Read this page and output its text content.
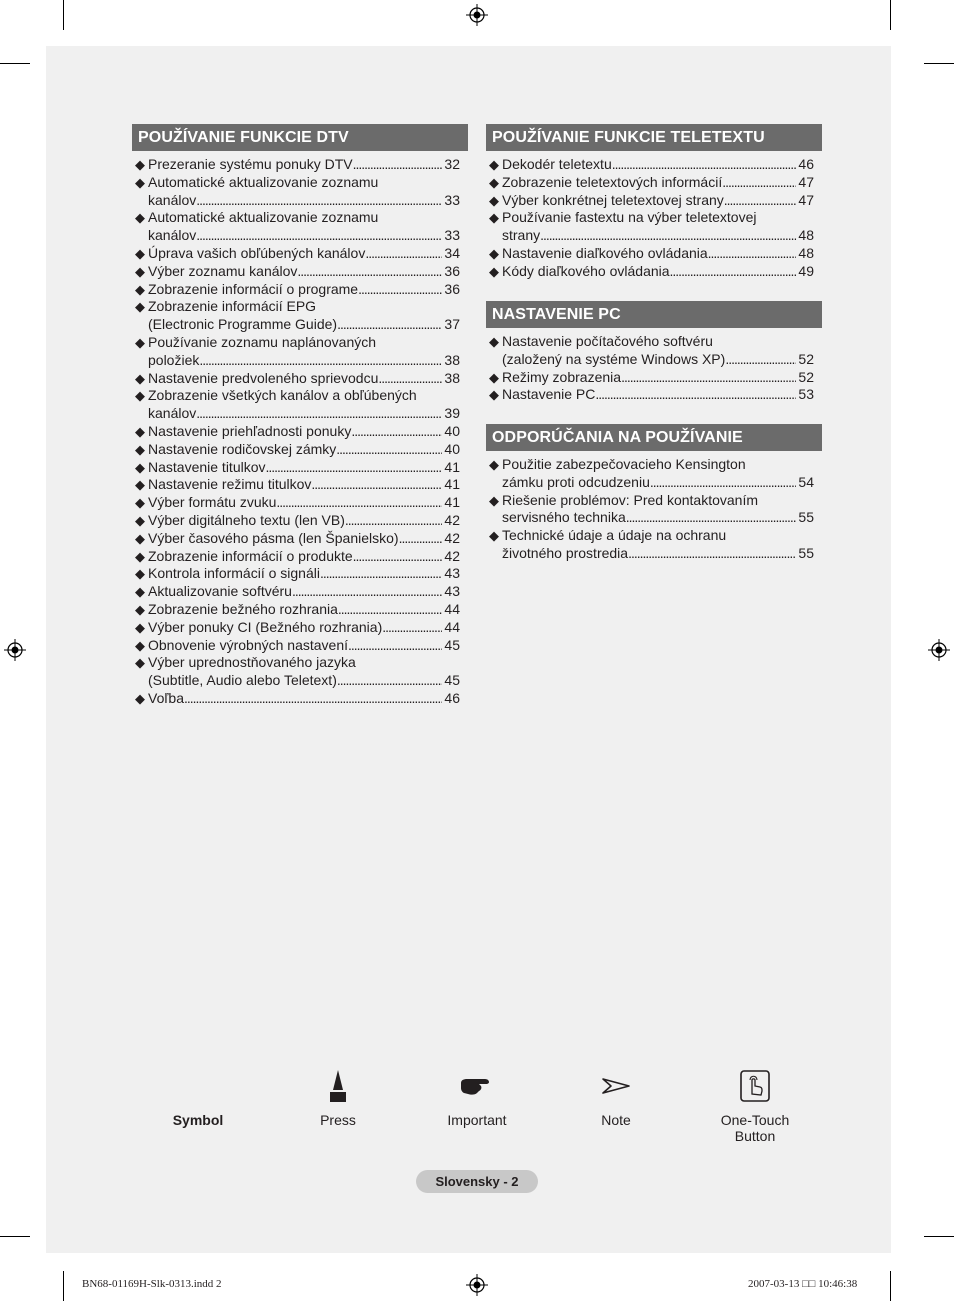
POUŽÍVANIE FUNKCIE DTV
◆ Prezeranie systému ponuky DTV . . .	32
◆ Automatické aktualizovanie zoznamu
kanálov . . .	33
◆ Automatické aktualizovanie zoznamu
kanálov . . .	33
◆ Úprava vašich obľúbených kanálov . . .	34
◆ Výber zoznamu kanálov . . .	36
◆ Zobrazenie informácií o programe . . .	36
◆ Zobrazenie informácií EPG
(Electronic Programme Guide) . . .	37
◆ Používanie zoznamu naplánovaných
položiek . . .	38
◆ Nastavenie predvoleného sprievodcu . . .	38
◆ Zobrazenie všetkých kanálov a obľúbených
kanálov . . .	39
◆ Nastavenie priehľadnosti ponuky . . .	40
◆ Nastavenie rodičovskej zámky . . .	40
◆ Nastavenie titulkov . . .	41
◆ Nastavenie režimu titulkov . . .	41
◆ Výber formátu zvuku . . .	41
◆ Výber digitálneho textu (len VB) . . .	42
◆ Výber časového pásma (len Španielsko) . . .	42
◆ Zobrazenie informácií o produkte . . .	42
◆ Kontrola informácií o signáli . . .	43
◆ Aktualizovanie softvéru . . .	43
◆ Zobrazenie bežného rozhrania . . .	44
◆ Výber ponuky CI (Bežného rozhrania) . . .	44
◆ Obnovenie výrobných nastavení . . .	45
◆ Výber uprednostňovaného jazyka
(Subtitle, Audio alebo Teletext) . . .	45
◆ Voľba . . .	46
POUŽÍVANIE FUNKCIE TELETEXTU
◆ Dekodér teletextu . . .	46
◆ Zobrazenie teletextových informácií . . .	47
◆ Výber konkrétnej teletextovej strany . . .	47
◆ Používanie fastextu na výber teletextovej
strany . . .	48
◆ Nastavenie diaľkového ovládania . . .	48
◆ Kódy diaľkového ovládania . . .	49
NASTAVENIE PC
◆ Nastavenie počítačového softvéru
(založený na systéme Windows XP) . . .	52
◆ Režimy zobrazenia . . .	52
◆ Nastavenie PC . . .	53
ODPORÚČANIA NA POUŽÍVANIE
◆ Použitie zabezpečovacieho Kensington
zámku proti odcudzeniu . . .	54
◆ Riešenie problémov: Pred kontaktovaním
servisného technika . . .	55
◆ Technické údaje a údaje na ochranu
životného prostredia . . .	55
Symbol	Press	Important	Note	One-Touch
Button
Slovensky - 2
BN68-01169H-Slk-0313.indd 2	2007-03-13 □□ 10:46:38
